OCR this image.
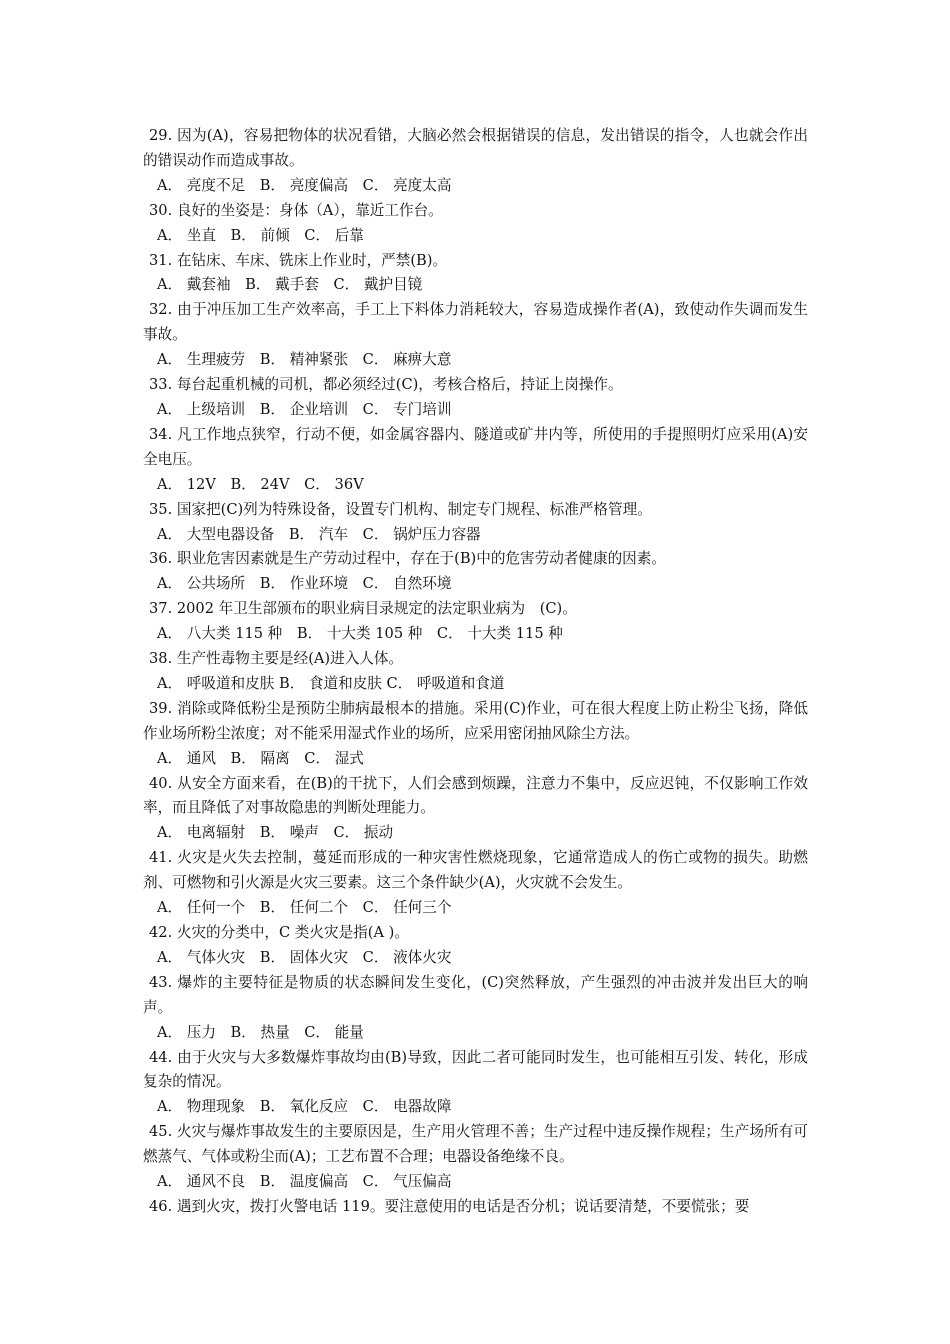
29. 因为(A)，容易把物体的状况看错，大脑必然会根据错误的信息，发出错误的指令，人也就会作出的错误动作而造成事故。

A． 亮度不足　B． 亮度偏高　C． 亮度太高

30. 良好的坐姿是：身体（A），靠近工作台。

A． 坐直　B． 前倾　C． 后靠

31. 在钻床、车床、铣床上作业时，严禁(B)。

A． 戴套袖　B． 戴手套　C． 戴护目镜

32. 由于冲压加工生产效率高，手工上下料体力消耗较大，容易造成操作者(A)，致使动作失调而发生事故。

A． 生理疲劳　B． 精神紧张　C． 麻痹大意

33. 每台起重机械的司机，都必须经过(C)，考核合格后，持证上岗操作。

A． 上级培训　B． 企业培训　C． 专门培训

34. 凡工作地点狭窄，行动不便，如金属容器内、隧道或矿井内等，所使用的手提照明灯应采用(A)安全电压。

A． 12V　B． 24V　C． 36V

35. 国家把(C)列为特殊设备，设置专门机构、制定专门规程、标准严格管理。

A． 大型电器设备　B． 汽车　C． 锅炉压力容器

36. 职业危害因素就是生产劳动过程中，存在于(B)中的危害劳动者健康的因素。

A． 公共场所　B． 作业环境　C． 自然环境

37. 2002 年卫生部颁布的职业病目录规定的法定职业病为　(C)。

A． 八大类 115 种　B． 十大类 105 种　C． 十大类 115 种

38. 生产性毒物主要是经(A)进入人体。

A． 呼吸道和皮肤 B． 食道和皮肤 C． 呼吸道和食道

39. 消除或降低粉尘是预防尘肺病最根本的措施。采用(C)作业，可在很大程度上防止粉尘飞扬，降低作业场所粉尘浓度；对不能采用湿式作业的场所，应采用密闭抽风除尘方法。

A． 通风　B． 隔离　C． 湿式

40. 从安全方面来看，在(B)的干扰下，人们会感到烦躁，注意力不集中，反应迟钝，不仅影响工作效率，而且降低了对事故隐患的判断处理能力。

A． 电离辐射　B． 噪声　C． 振动

41. 火灾是火失去控制，蔓延而形成的一种灾害性燃烧现象，它通常造成人的伤亡或物的损失。助燃剂、可燃物和引火源是火灾三要素。这三个条件缺少(A)，火灾就不会发生。

A． 任何一个　B． 任何二个　C． 任何三个

42. 火灾的分类中，C 类火灾是指(A )。

A． 气体火灾　B． 固体火灾　C． 液体火灾

43. 爆炸的主要特征是物质的状态瞬间发生变化，(C)突然释放，产生强烈的冲击波并发出巨大的响声。

A． 压力　B． 热量　C． 能量

44. 由于火灾与大多数爆炸事故均由(B)导致，因此二者可能同时发生，也可能相互引发、转化，形成复杂的情况。

A． 物理现象　B． 氧化反应　C． 电器故障

45. 火灾与爆炸事故发生的主要原因是，生产用火管理不善；生产过程中违反操作规程；生产场所有可燃蒸气、气体或粉尘而(A)；工艺布置不合理；电器设备绝缘不良。

A． 通风不良　B． 温度偏高　C． 气压偏高

46. 遇到火灾，拨打火警电话 119。要注意使用的电话是否分机；说话要清楚，不要慌张；要
